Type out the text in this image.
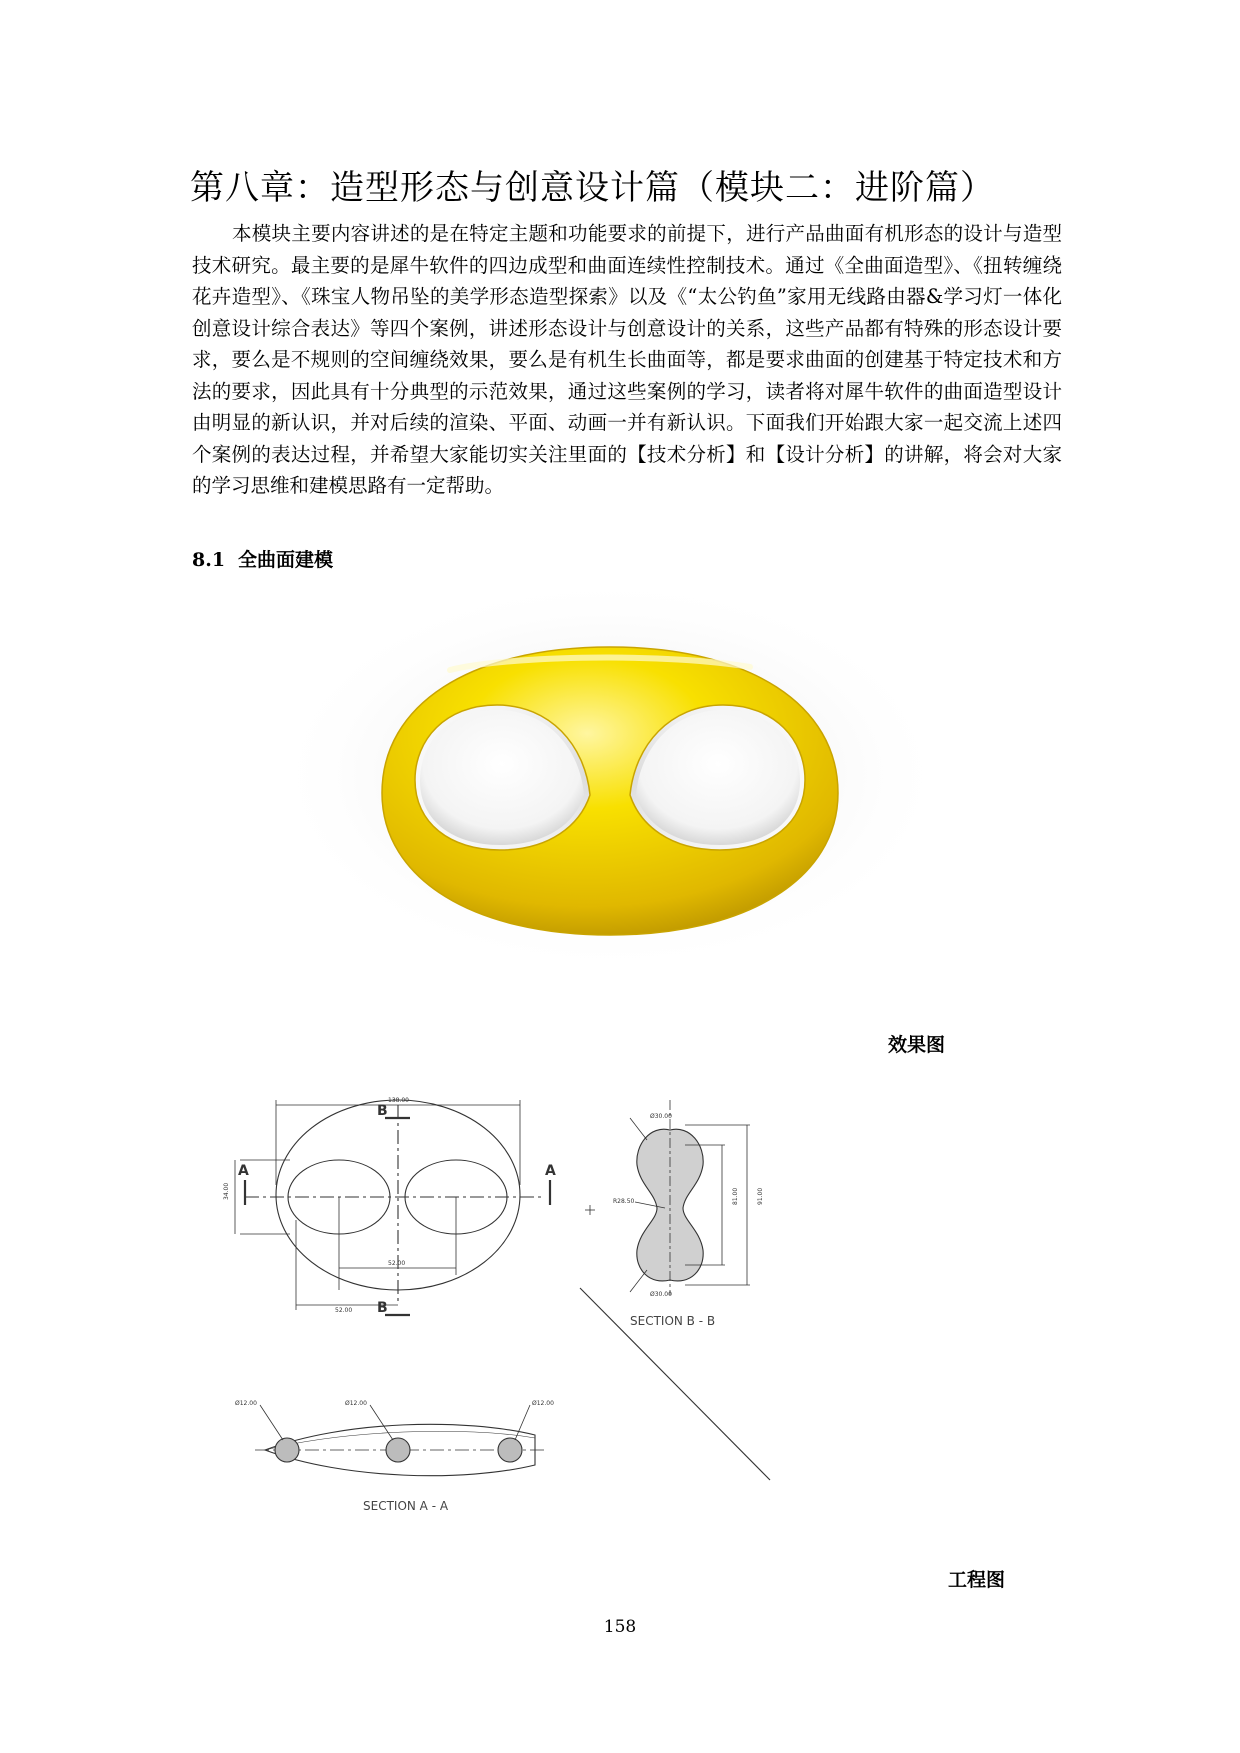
第八章：造型形态与创意设计篇（模块二：进阶篇）

本模块主要内容讲述的是在特定主题和功能要求的前提下，进行产品曲面有机形态的设计与造型技术研究。最主要的是犀牛软件的四边成型和曲面连续性控制技术。通过《全曲面造型》、《扭转缠绕花卉造型》、《珠宝人物吊坠的美学形态造型探索》以及《“太公钓鱼”家用无线路由器&学习灯一体化创意设计综合表达》等四个案例，讲述形态设计与创意设计的关系，这些产品都有特殊的形态设计要求，要么是不规则的空间缠绕效果，要么是有机生长曲面等，都是要求曲面的创建基于特定技术和方法的要求，因此具有十分典型的示范效果，通过这些案例的学习，读者将对犀牛软件的曲面造型设计由明显的新认识，并对后续的渲染、平面、动画一并有新认识。下面我们开始跟大家一起交流上述四个案例的表达过程，并希望大家能切实关注里面的【技术分析】和【设计分析】的讲解，将会对大家的学习思维和建模思路有一定帮助。

8.1 全曲面建模
效果图
138.00
34.00
52.00
52.00
Ø30.00
Ø30.00
R28.50	81.00	91.00
Ø12.00	Ø12.00	Ø12.00
A	A
B
B
SECTION B - B
SECTION A - A
工程图
158
